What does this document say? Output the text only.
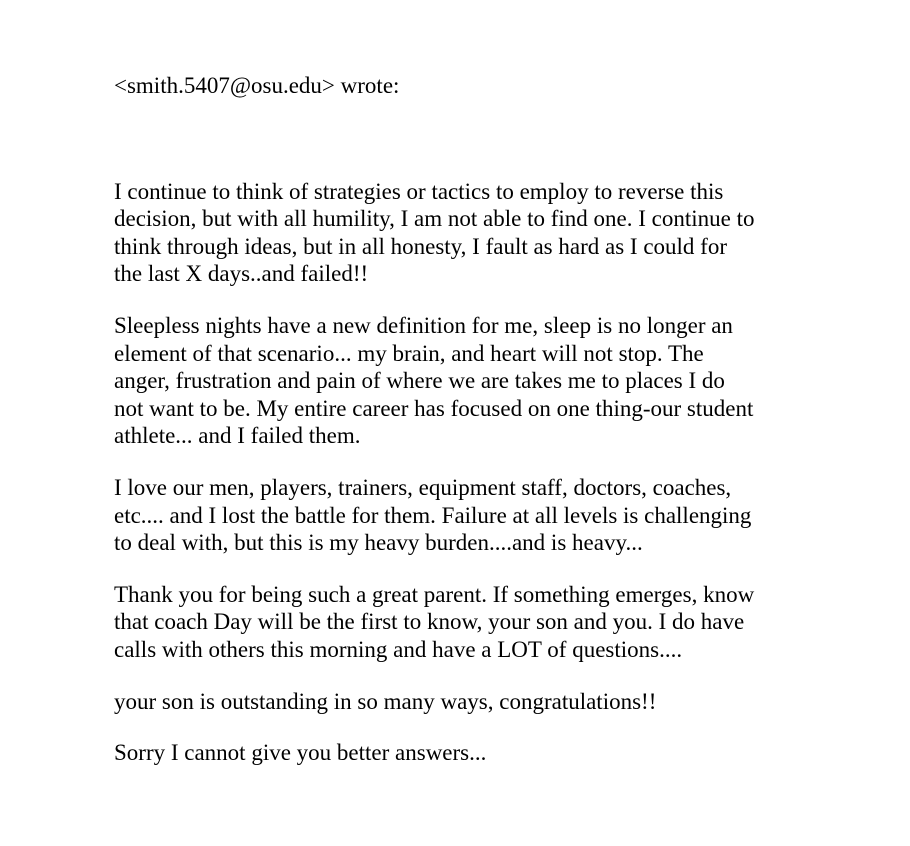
<smith.5407@osu.edu> wrote:

I continue to think of strategies or tactics to employ to reverse this
decision, but with all humility, I am not able to find one. I continue to
think through ideas, but in all honesty, I fault as hard as I could for
the last X days..and failed!!

Sleepless nights have a new definition for me, sleep is no longer an
element of that scenario... my brain, and heart will not stop. The
anger, frustration and pain of where we are takes me to places I do
not want to be. My entire career has focused on one thing-our student
athlete... and I failed them.

I love our men, players, trainers, equipment staff, doctors, coaches,
etc.... and I lost the battle for them. Failure at all levels is challenging
to deal with, but this is my heavy burden....and is heavy...

Thank you for being such a great parent. If something emerges, know
that coach Day will be the first to know, your son and you. I do have
calls with others this morning and have a LOT of questions....

your son is outstanding in so many ways, congratulations!!

Sorry I cannot give you better answers...
